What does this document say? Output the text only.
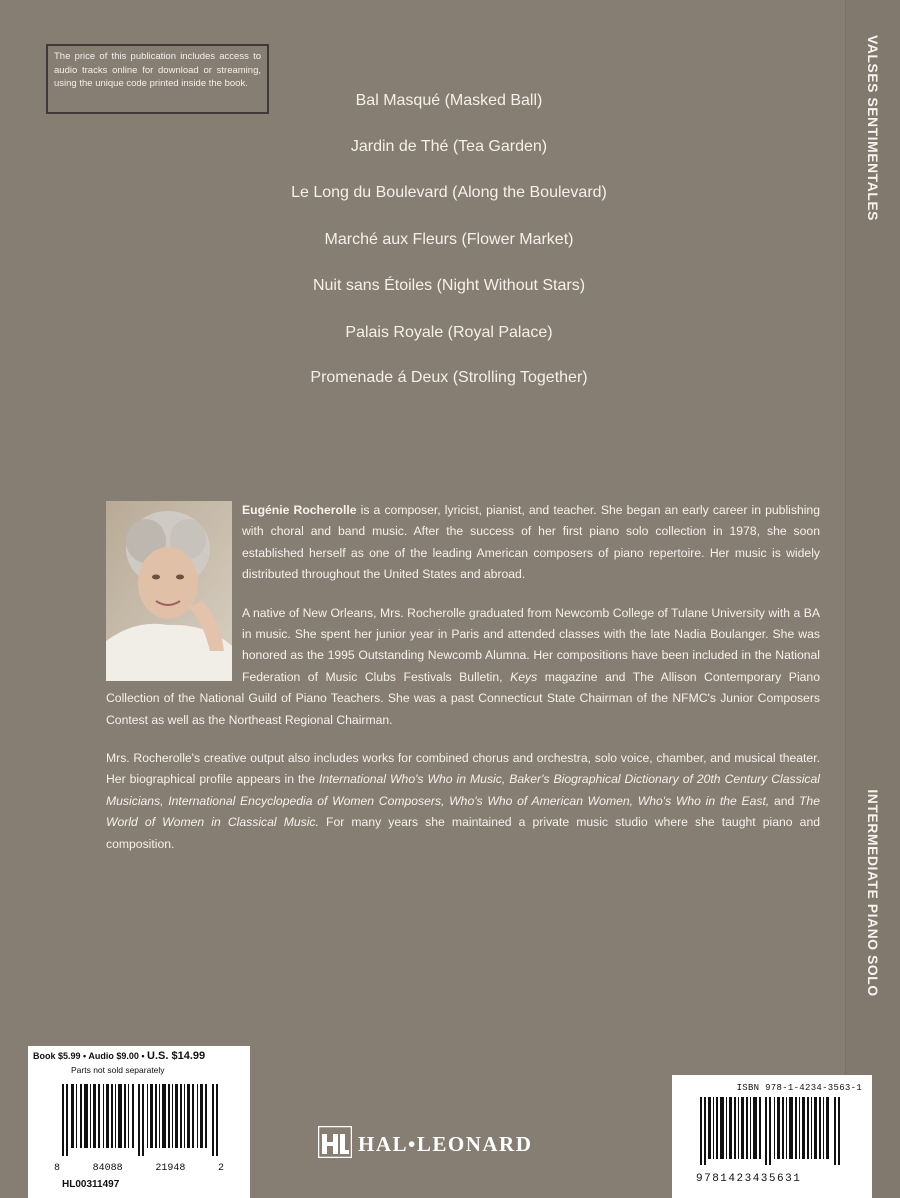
VALSES SENTIMENTALES
INTERMEDIATE PIANO SOLO
The price of this publication includes access to audio tracks online for download or streaming, using the unique code printed inside the book.
Bal Masqué (Masked Ball)
Jardin de Thé (Tea Garden)
Le Long du Boulevard (Along the Boulevard)
Marché aux Fleurs (Flower Market)
Nuit sans Étoiles (Night Without Stars)
Palais Royale (Royal Palace)
Promenade á Deux (Strolling Together)

Eugénie Rocherolle is a composer, lyricist, pianist, and teacher. She began an early career in publishing with choral and band music. After the success of her first piano solo collection in 1978, she soon established herself as one of the leading American composers of piano repertoire. Her music is widely distributed throughout the United States and abroad.

A native of New Orleans, Mrs. Rocherolle graduated from Newcomb College of Tulane University with a BA in music. She spent her junior year in Paris and attended classes with the late Nadia Boulanger. She was honored as the 1995 Outstanding Newcomb Alumna. Her compositions have been included in the National Federation of Music Clubs Festivals Bulletin, Keys magazine and The Allison Contemporary Piano Collection of the National Guild of Piano Teachers. She was a past Connecticut State Chairman of the NFMC's Junior Composers Contest as well as the Northeast Regional Chairman.

Mrs. Rocherolle's creative output also includes works for combined chorus and orchestra, solo voice, chamber, and musical theater. Her biographical profile appears in the International Who's Who in Music, Baker's Biographical Dictionary of 20th Century Classical Musicians, International Encyclopedia of Women Composers, Who's Who of American Women, Who's Who in the East, and The World of Women in Classical Music. For many years she maintained a private music studio where she taught piano and composition.

Book $5.99 • Audio $9.00 • U.S. $14.99
Parts not sold separately
8	84088	21948	2
HL00311497
HAL•LEONARD
ISBN 978-1-4234-3563-1
9781423435631
